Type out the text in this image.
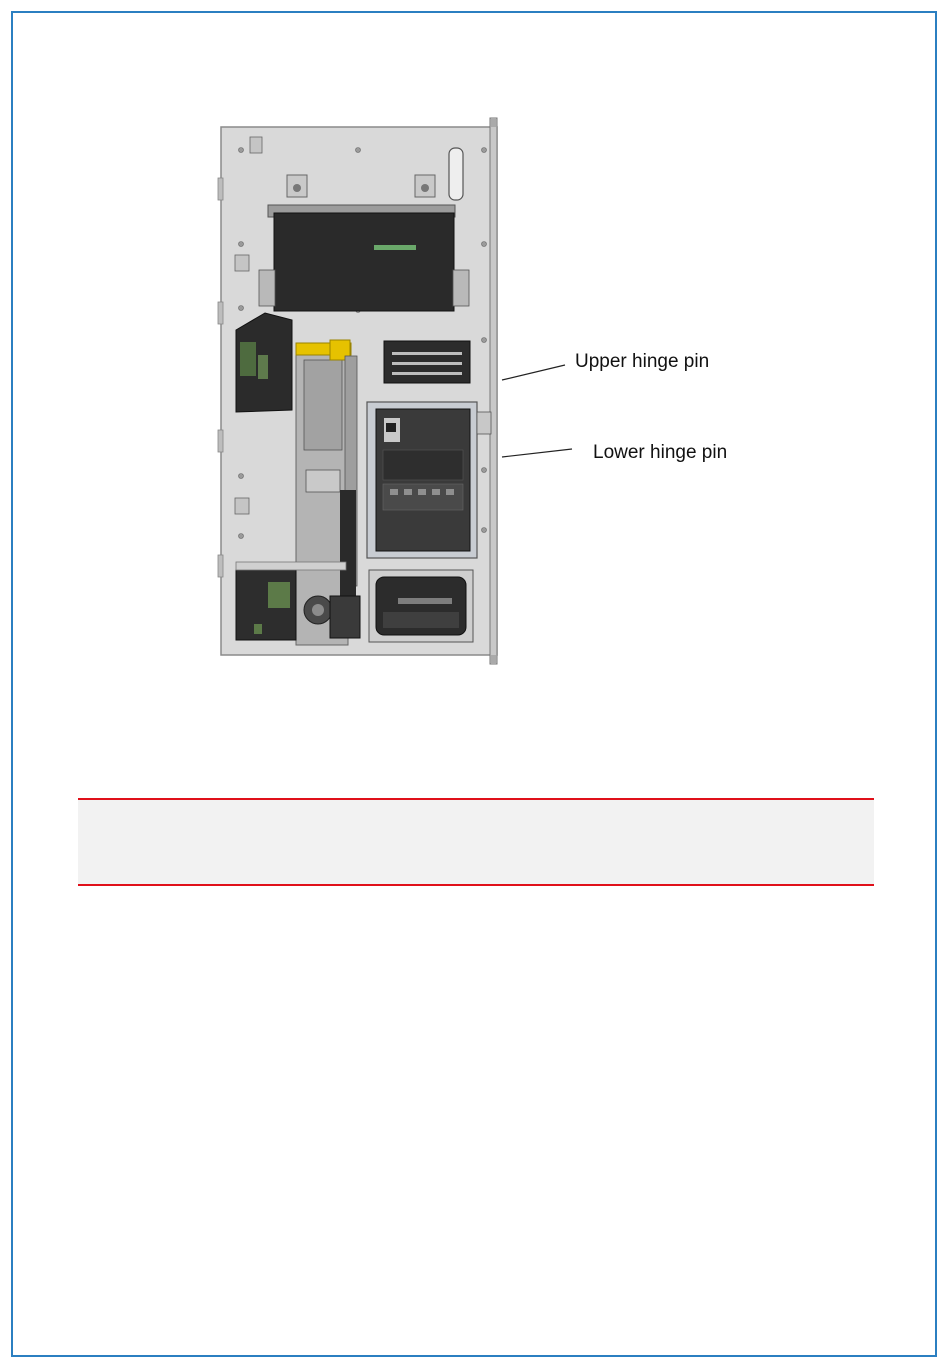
Upper hinge pin
Lower hinge pin
